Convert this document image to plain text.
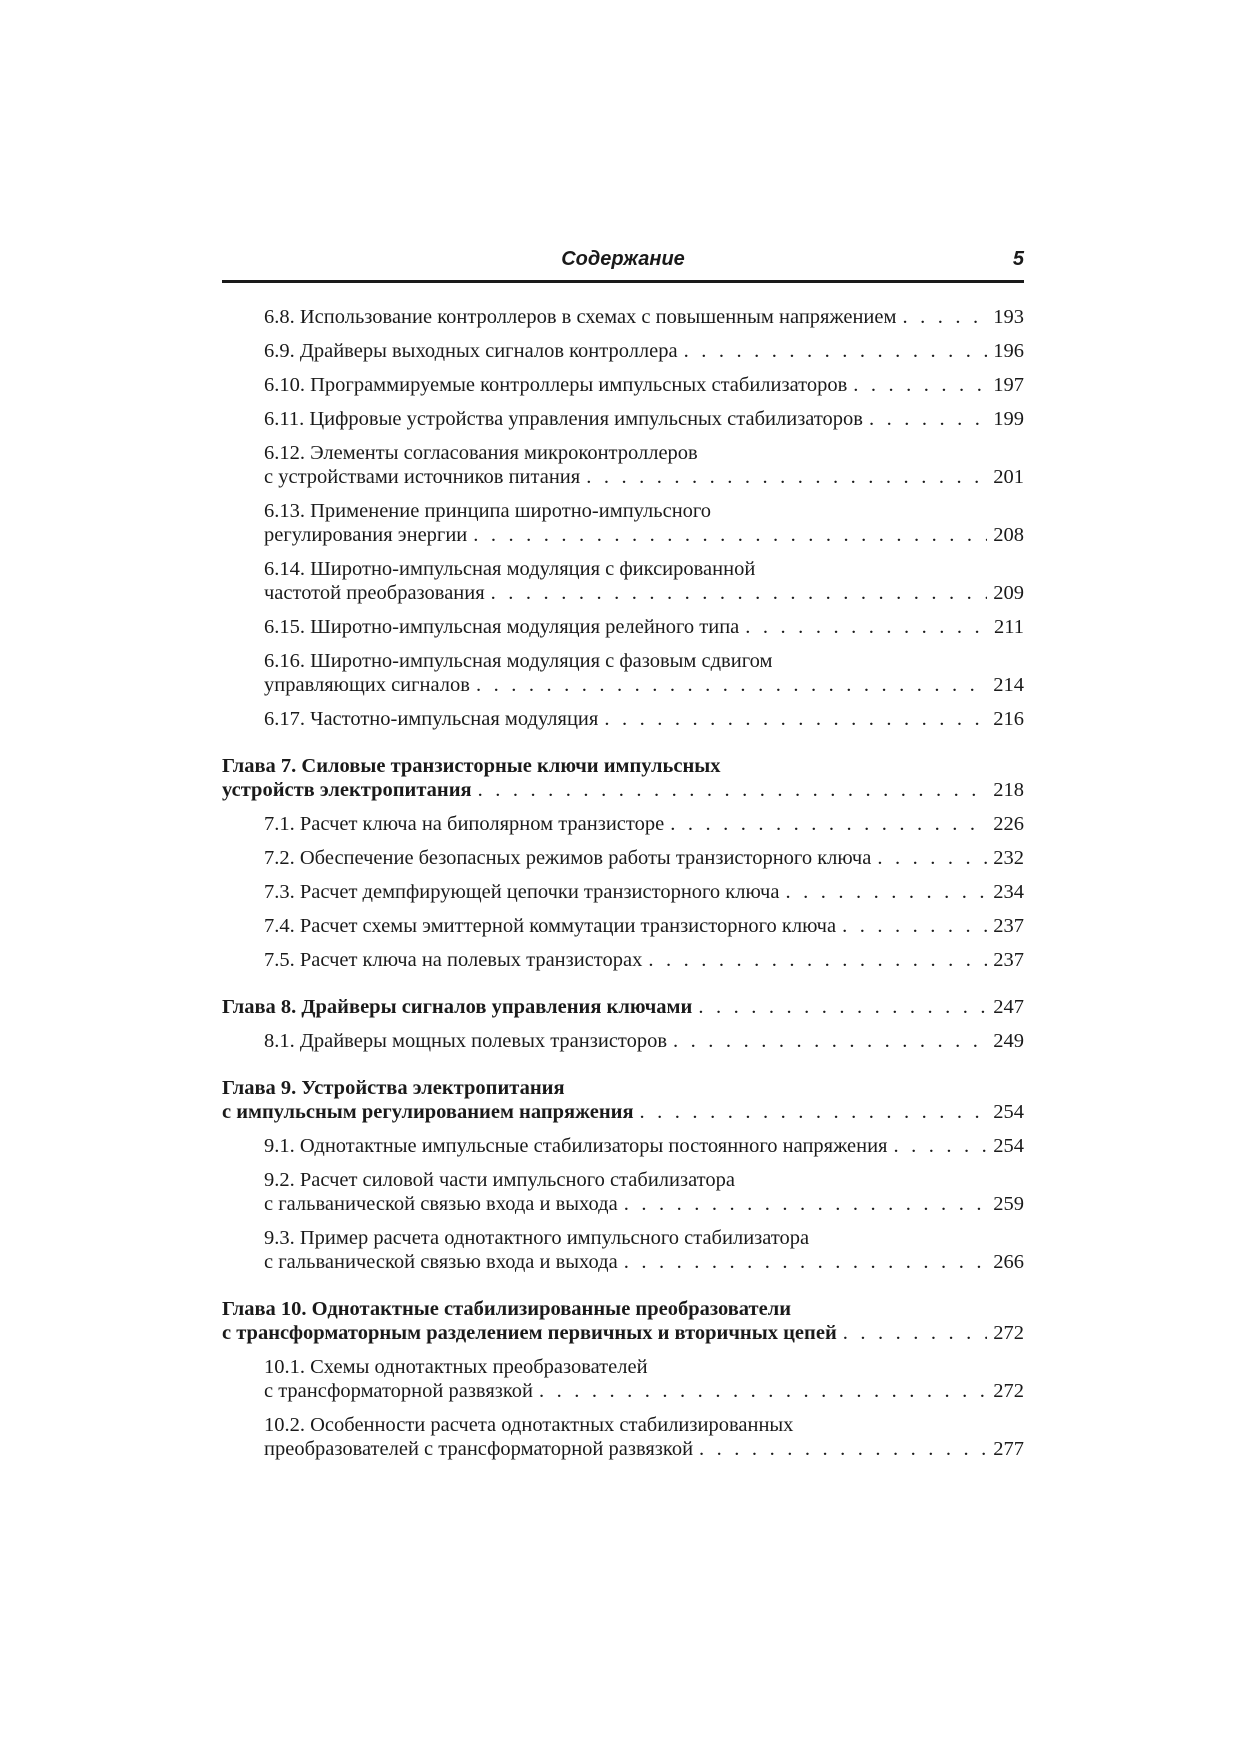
Содержание	5
6.8. Использование контроллеров в схемах с повышенным напряжением . . .	193
6.9. Драйверы выходных сигналов контроллера . . .	196
6.10. Программируемые контроллеры импульсных стабилизаторов . . .	197
6.11. Цифровые устройства управления импульсных стабилизаторов . . .	199
6.12. Элементы согласования микроконтроллеров
с устройствами источников питания . . .	201
6.13. Применение принципа широтно-импульсного
регулирования энергии . . .	208
6.14. Широтно-импульсная модуляция с фиксированной
частотой преобразования . . .	209
6.15. Широтно-импульсная модуляция релейного типа . . .	211
6.16. Широтно-импульсная модуляция с фазовым сдвигом
управляющих сигналов . . .	214
6.17. Частотно-импульсная модуляция . . .	216
Глава 7. Силовые транзисторные ключи импульсных
устройств электропитания . . .	218
7.1. Расчет ключа на биполярном транзисторе . . .	226
7.2. Обеспечение безопасных режимов работы транзисторного ключа . . .	232
7.3. Расчет демпфирующей цепочки транзисторного ключа . . .	234
7.4. Расчет схемы эмиттерной коммутации транзисторного ключа . . .	237
7.5. Расчет ключа на полевых транзисторах . . .	237
Глава 8. Драйверы сигналов управления ключами . . .	247
8.1. Драйверы мощных полевых транзисторов . . .	249
Глава 9. Устройства электропитания
с импульсным регулированием напряжения . . .	254
9.1. Однотактные импульсные стабилизаторы постоянного напряжения . . .	254
9.2. Расчет силовой части импульсного стабилизатора
с гальванической связью входа и выхода . . .	259
9.3. Пример расчета однотактного импульсного стабилизатора
с гальванической связью входа и выхода . . .	266
Глава 10. Однотактные стабилизированные преобразователи
с трансформаторным разделением первичных и вторичных цепей . . .	272
10.1. Схемы однотактных преобразователей
с трансформаторной развязкой . . .	272
10.2. Особенности расчета однотактных стабилизированных
преобразователей с трансформаторной развязкой . . .	277
